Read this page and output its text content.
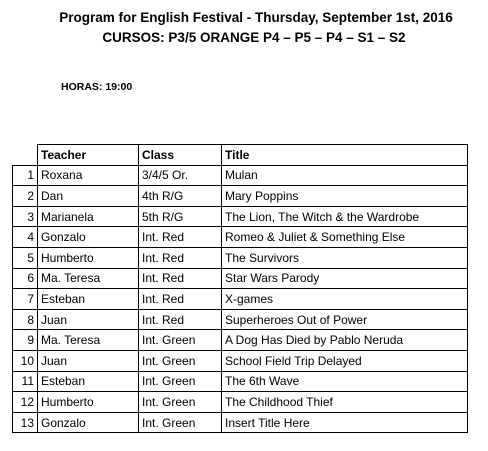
Program for English Festival - Thursday, September 1st, 2016
CURSOS: P3/5 ORANGE P4 – P5 – P4 – S1 – S2
HORAS: 19:00
	Teacher	Class	Title
1	Roxana	3/4/5 Or.	Mulan
2	Dan	4th R/G	Mary Poppins
3	Marianela	5th R/G	The Lion, The Witch & the Wardrobe
4	Gonzalo	Int. Red	Romeo & Juliet & Something Else
5	Humberto	Int. Red	The Survivors
6	Ma. Teresa	Int. Red	Star Wars Parody
7	Esteban	Int. Red	X-games
8	Juan	Int. Red	Superheroes Out of Power
9	Ma. Teresa	Int. Green	A Dog Has Died by Pablo Neruda
10	Juan	Int. Green	School Field Trip Delayed
11	Esteban	Int. Green	The 6th Wave
12	Humberto	Int. Green	The Childhood Thief
13	Gonzalo	Int. Green	Insert Title Here
